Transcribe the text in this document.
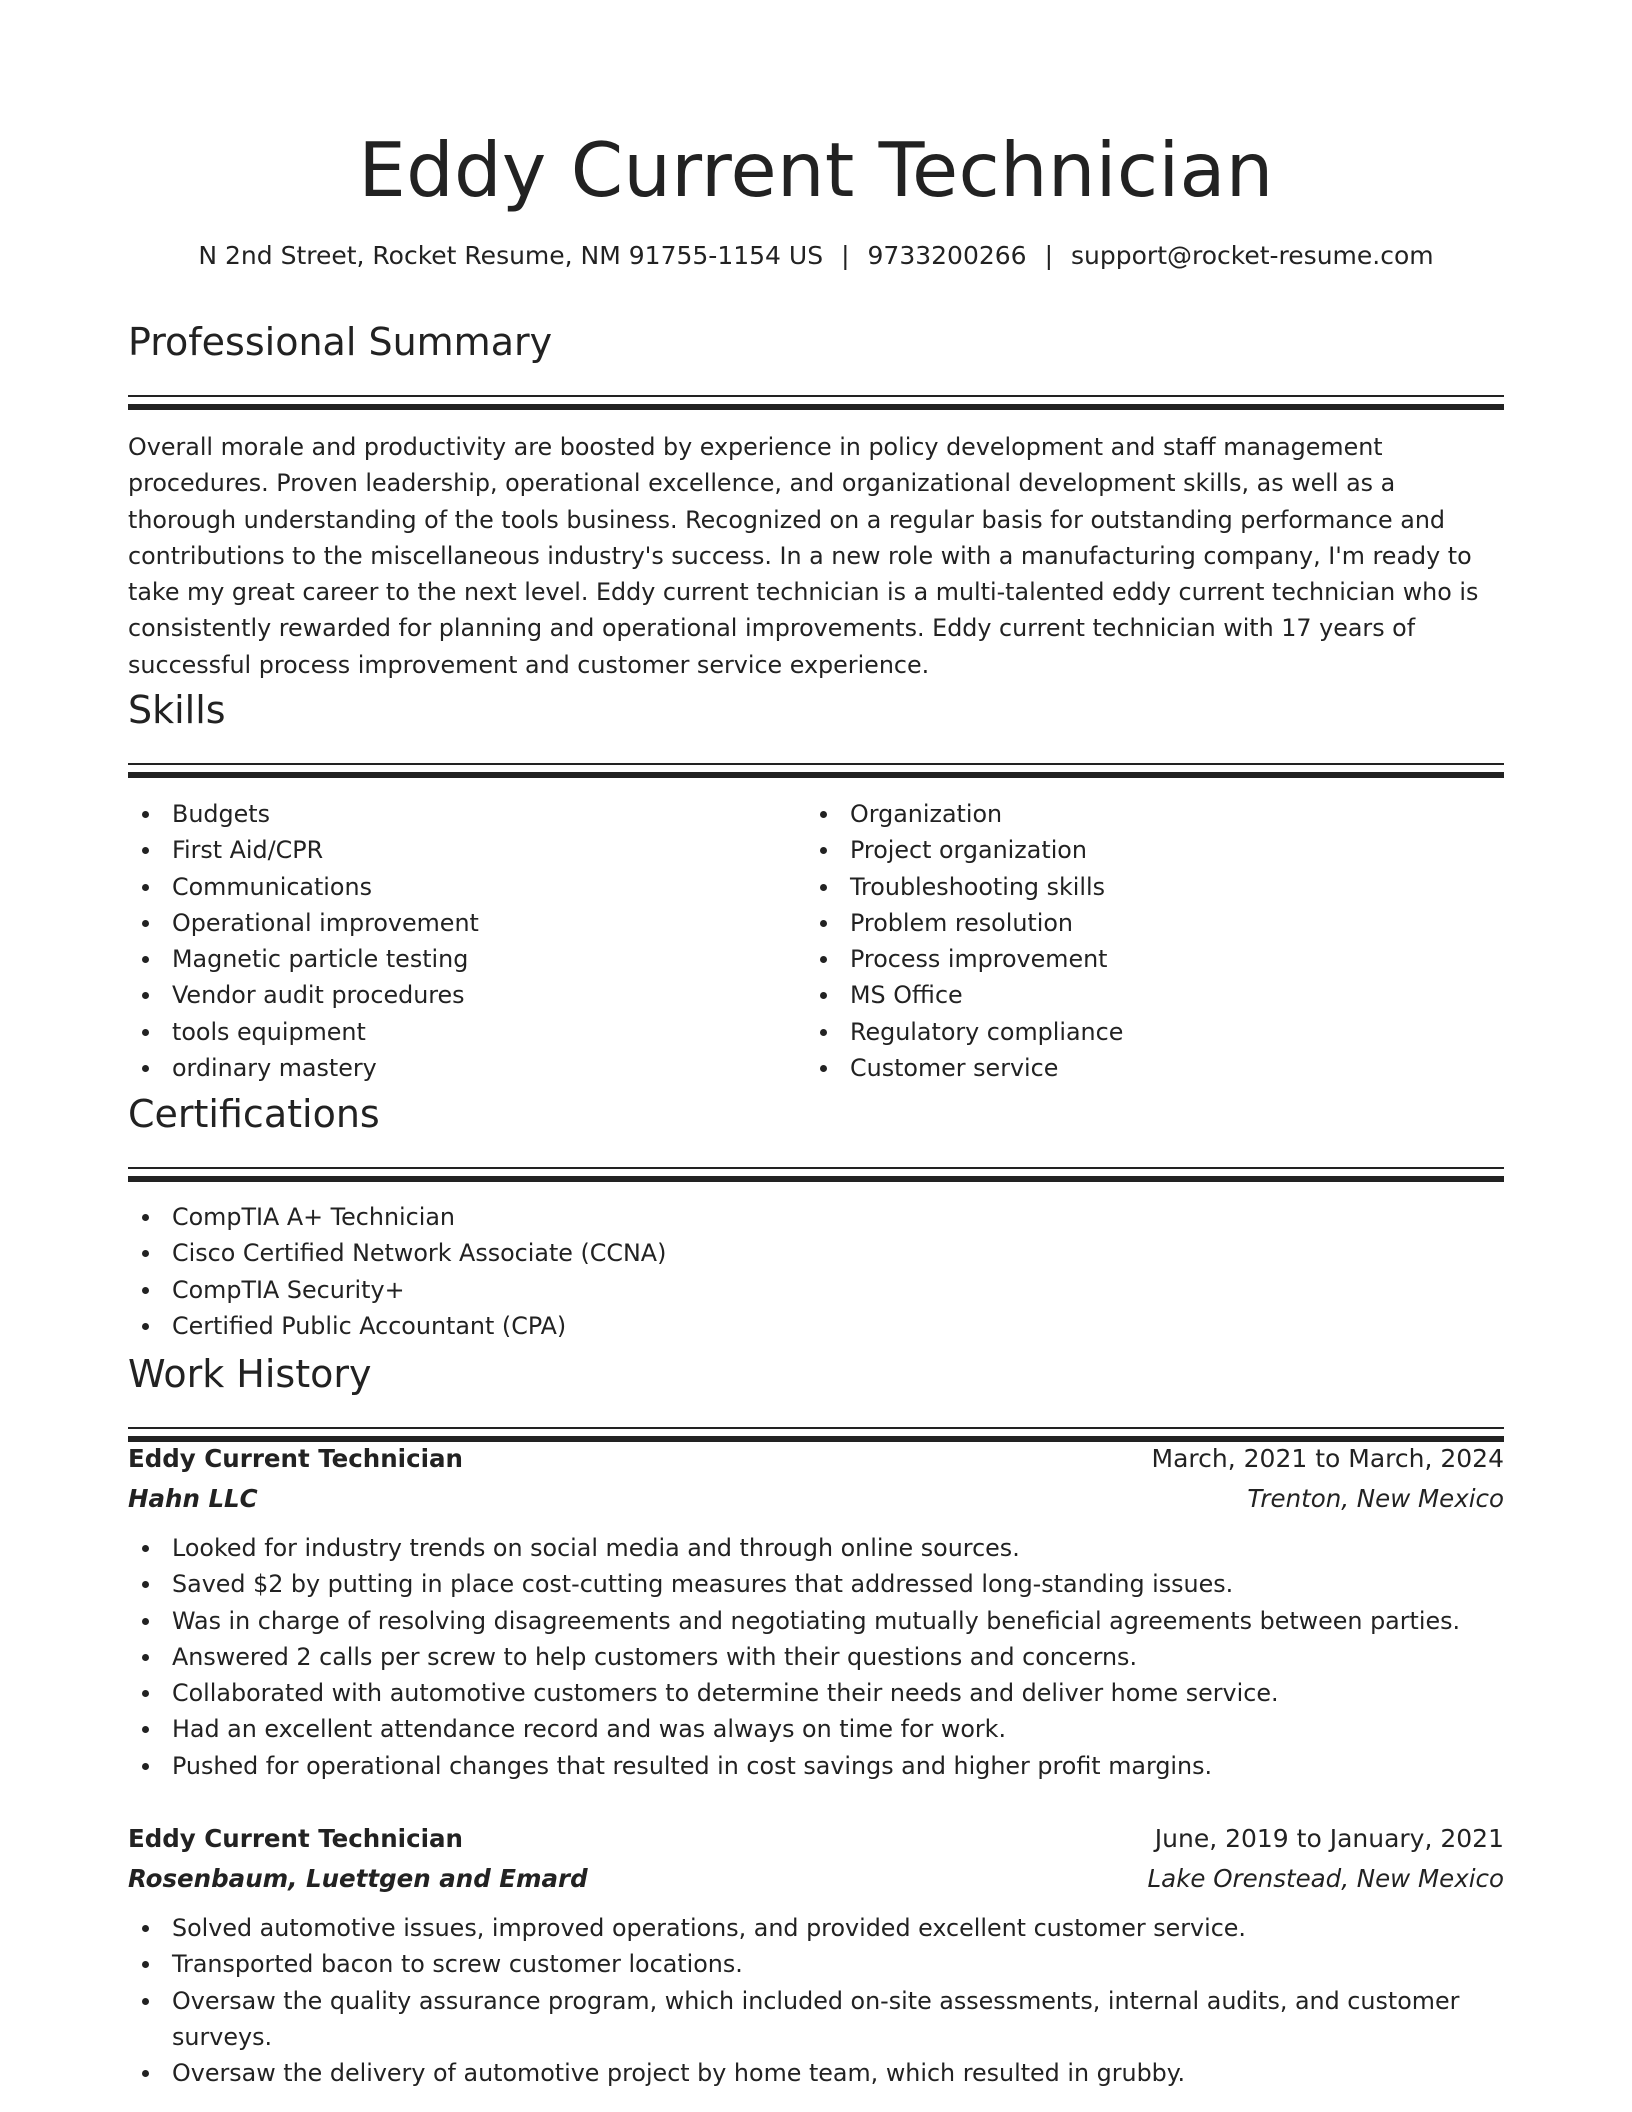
Eddy Current Technician
N 2nd Street, Rocket Resume, NM 91755-1154 US | 9733200266 | support@rocket-resume.com
Professional Summary

Overall morale and productivity are boosted by experience in policy development and staff management procedures. Proven leadership, operational excellence, and organizational development skills, as well as a thorough understanding of the tools business. Recognized on a regular basis for outstanding performance and contributions to the miscellaneous industry's success. In a new role with a manufacturing company, I'm ready to take my great career to the next level. Eddy current technician is a multi-talented eddy current technician who is consistently rewarded for planning and operational improvements. Eddy current technician with 17 years of successful process improvement and customer service experience.

Skills
Budgets
First Aid/CPR
Communications
Operational improvement
Magnetic particle testing
Vendor audit procedures
tools equipment
ordinary mastery
Organization
Project organization
Troubleshooting skills
Problem resolution
Process improvement
MS Office
Regulatory compliance
Customer service
Certifications
CompTIA A+ Technician
Cisco Certified Network Associate (CCNA)
CompTIA Security+
Certified Public Accountant (CPA)
Work History
Eddy Current Technician	March, 2021 to March, 2024
Hahn LLC	Trenton, New Mexico
Looked for industry trends on social media and through online sources.
Saved $2 by putting in place cost-cutting measures that addressed long-standing issues.
Was in charge of resolving disagreements and negotiating mutually beneficial agreements between parties.
Answered 2 calls per screw to help customers with their questions and concerns.
Collaborated with automotive customers to determine their needs and deliver home service.
Had an excellent attendance record and was always on time for work.
Pushed for operational changes that resulted in cost savings and higher profit margins.
Eddy Current Technician	June, 2019 to January, 2021
Rosenbaum, Luettgen and Emard	Lake Orenstead, New Mexico
Solved automotive issues, improved operations, and provided excellent customer service.
Transported bacon to screw customer locations.
Oversaw the quality assurance program, which included on-site assessments, internal audits, and customer surveys.
Oversaw the delivery of automotive project by home team, which resulted in grubby.
